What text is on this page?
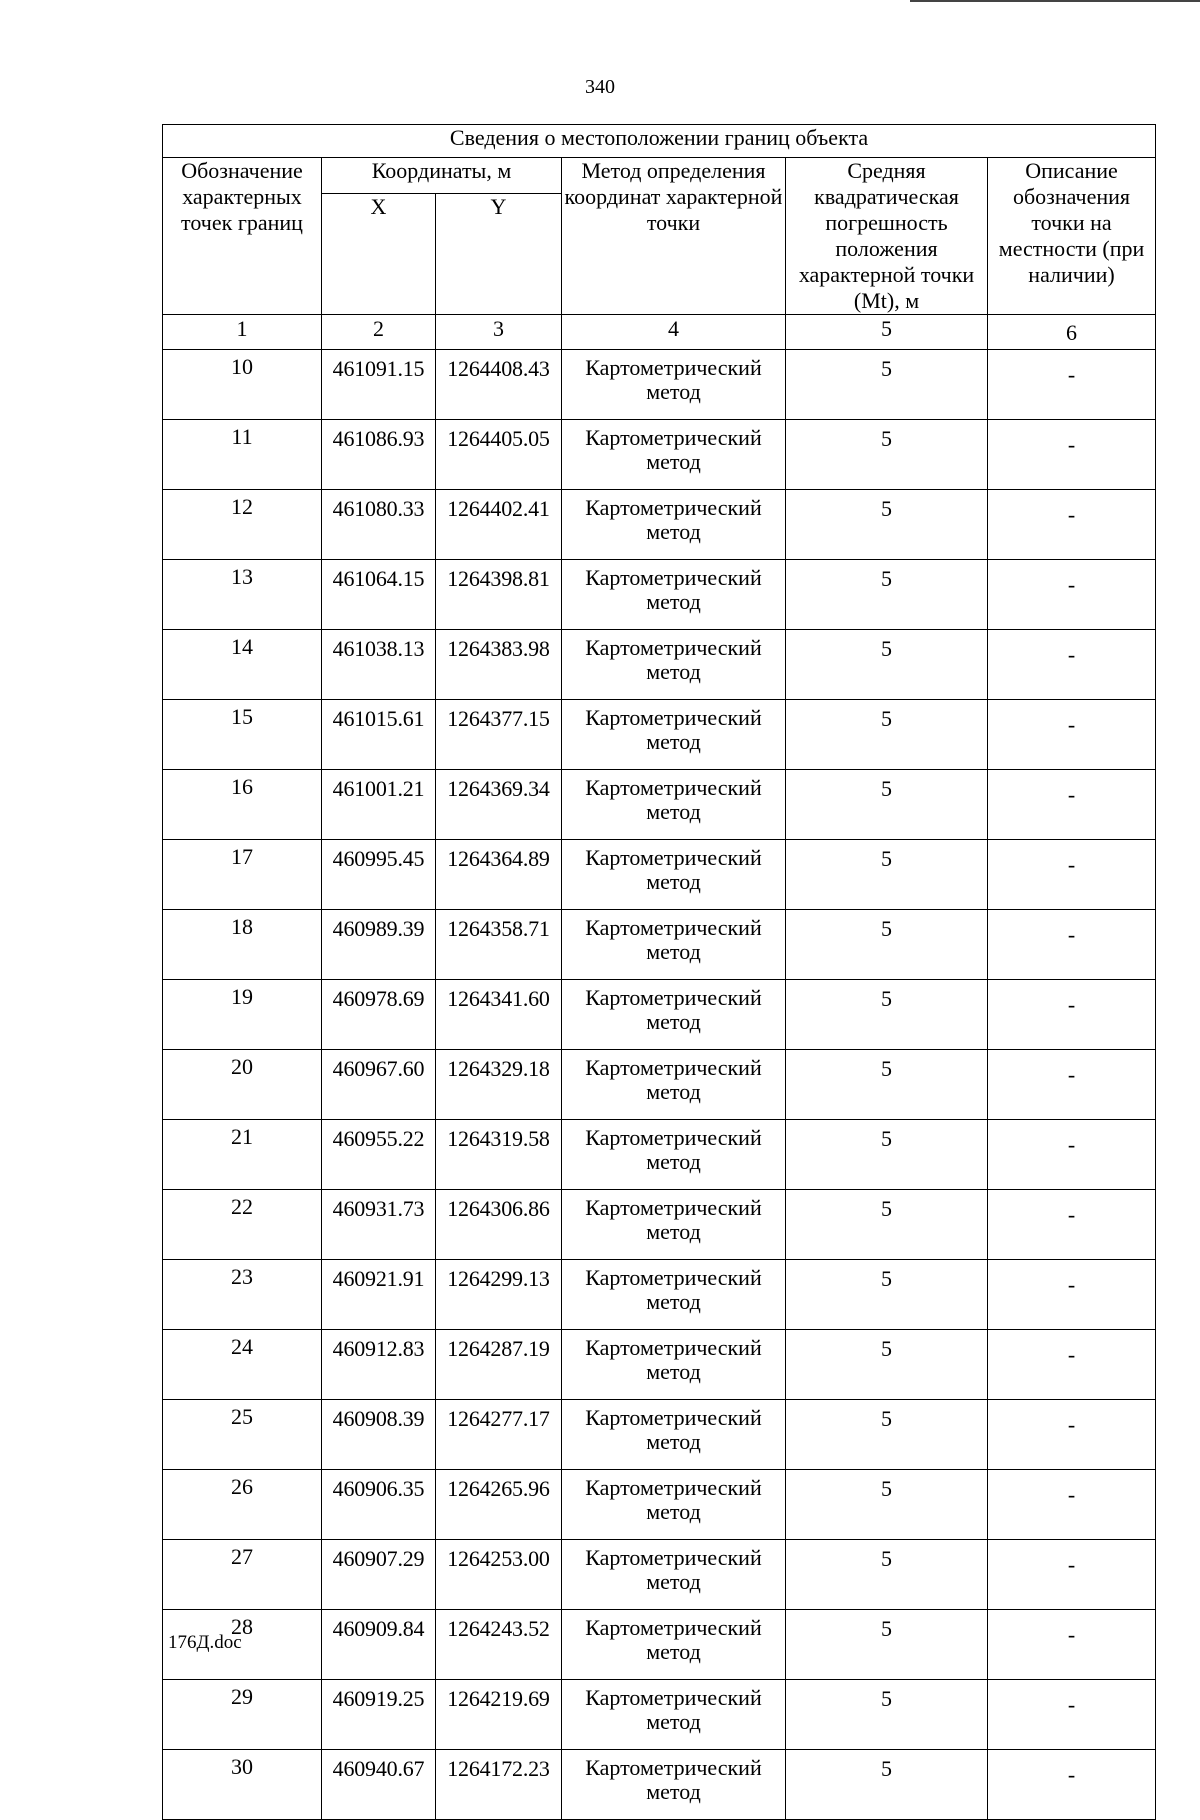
340
Сведения о местоположении границ объекта					
Обозначение характерных точек границ	Координаты, м		Метод определения координат характерной точки	Средняя квадратическая погрешность положения характерной точки (Mt), м	Описание обозначения точки на местности (при наличии)
	X	Y			
1	2	3	4	5	6
10	461091.15	1264408.43	Картометрический метод	5	-
11	461086.93	1264405.05	Картометрический метод	5	-
12	461080.33	1264402.41	Картометрический метод	5	-
13	461064.15	1264398.81	Картометрический метод	5	-
14	461038.13	1264383.98	Картометрический метод	5	-
15	461015.61	1264377.15	Картометрический метод	5	-
16	461001.21	1264369.34	Картометрический метод	5	-
17	460995.45	1264364.89	Картометрический метод	5	-
18	460989.39	1264358.71	Картометрический метод	5	-
19	460978.69	1264341.60	Картометрический метод	5	-
20	460967.60	1264329.18	Картометрический метод	5	-
21	460955.22	1264319.58	Картометрический метод	5	-
22	460931.73	1264306.86	Картометрический метод	5	-
23	460921.91	1264299.13	Картометрический метод	5	-
24	460912.83	1264287.19	Картометрический метод	5	-
25	460908.39	1264277.17	Картометрический метод	5	-
26	460906.35	1264265.96	Картометрический метод	5	-
27	460907.29	1264253.00	Картометрический метод	5	-
28	460909.84	1264243.52	Картометрический метод	5	-
29	460919.25	1264219.69	Картометрический метод	5	-
30	460940.67	1264172.23	Картометрический метод	5	-
176Д.doc
